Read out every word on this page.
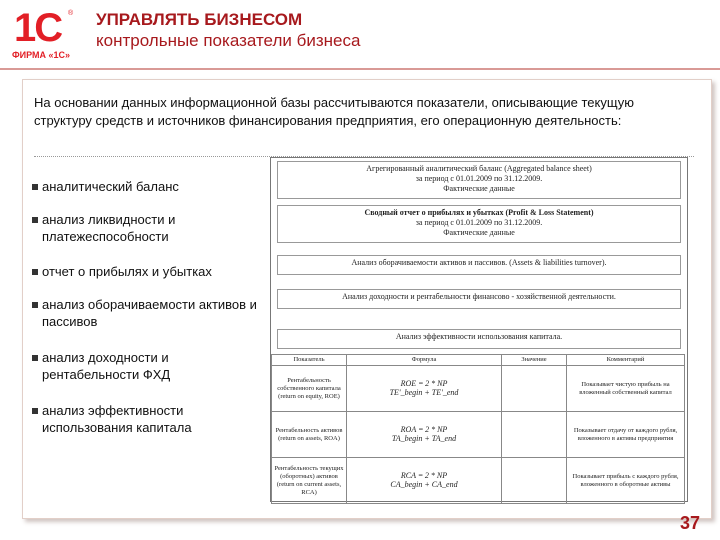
1С ®
ФИРМА «1С»
УПРАВЛЯТЬ БИЗНЕСОМ
контрольные показатели бизнеса
На основании данных информационной базы рассчитываются показатели, описывающие текущую структуру средств и источников финансирования предприятия, его операционную деятельность:
аналитический баланс
анализ ликвидности и платежеспособности
отчет о прибылях и убытках
анализ оборачиваемости активов и пассивов
анализ доходности и рентабельности ФХД
анализ эффективности использования капитала
Агрегированный аналитический баланс (Aggregated balance sheet)
за период с 01.01.2009 по 31.12.2009.
Фактические данные
Сводный отчет о прибылях и убытках (Profit & Loss Statement)
за период с 01.01.2009 по 31.12.2009.
Фактические данные
Анализ оборачиваемости активов и пассивов. (Assets & liabilities turnover).
Анализ доходности и рентабельности финансово - хозяйственной деятельности.
Анализ эффективности использования капитала.
Показатель	Формула	Значение	Комментарий
Рентабельность собственного капитала (return on equity, ROE)	ROE = 2 * NP
TE'_begin + TE'_end		Показывает чистую прибыль на вложенный собственный капитал
Рентабельность активов (return on assets, ROA)	ROA = 2 * NP
TA_begin + TA_end		Показывает отдачу от каждого рубля, вложенного в активы предприятия
Рентабельность текущих (оборотных) активов (return on current assets, RCA)	RCA = 2 * NP
CA_begin + CA_end		Показывает прибыль с каждого рубля, вложенного в оборотные активы
37
